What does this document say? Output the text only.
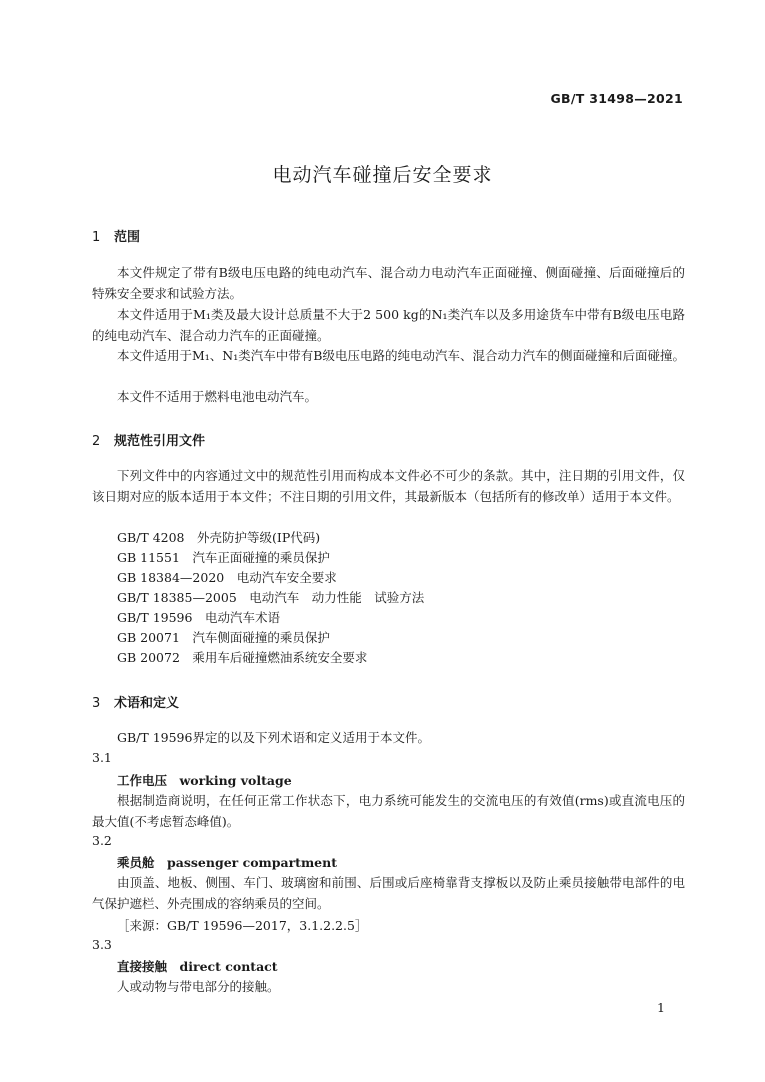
GB/T 31498—2021
电动汽车碰撞后安全要求
1 范围
本文件规定了带有B级电压电路的纯电动汽车、混合动力电动汽车正面碰撞、侧面碰撞、后面碰撞后的特殊安全要求和试验方法。
本文件适用于M₁类及最大设计总质量不大于2 500 kg的N₁类汽车以及多用途货车中带有B级电压电路的纯电动汽车、混合动力汽车的正面碰撞。
本文件适用于M₁、N₁类汽车中带有B级电压电路的纯电动汽车、混合动力汽车的侧面碰撞和后面碰撞。
本文件不适用于燃料电池电动汽车。
2 规范性引用文件
下列文件中的内容通过文中的规范性引用而构成本文件必不可少的条款。其中，注日期的引用文件，仅该日期对应的版本适用于本文件；不注日期的引用文件，其最新版本（包括所有的修改单）适用于本文件。
GB/T 4208　外壳防护等级(IP代码)
GB 11551　汽车正面碰撞的乘员保护
GB 18384—2020　电动汽车安全要求
GB/T 18385—2005　电动汽车　动力性能　试验方法
GB/T 19596　电动汽车术语
GB 20071　汽车侧面碰撞的乘员保护
GB 20072　乘用车后碰撞燃油系统安全要求
3 术语和定义
GB/T 19596界定的以及下列术语和定义适用于本文件。
3.1
工作电压　working voltage
根据制造商说明，在任何正常工作状态下，电力系统可能发生的交流电压的有效值(rms)或直流电压的最大值(不考虑暂态峰值)。
3.2
乘员舱　passenger compartment
由顶盖、地板、侧围、车门、玻璃窗和前围、后围或后座椅靠背支撑板以及防止乘员接触带电部件的电气保护遮栏、外壳围成的容纳乘员的空间。
［来源：GB/T 19596—2017，3.1.2.2.5］
3.3
直接接触　direct contact
人或动物与带电部分的接触。
1
